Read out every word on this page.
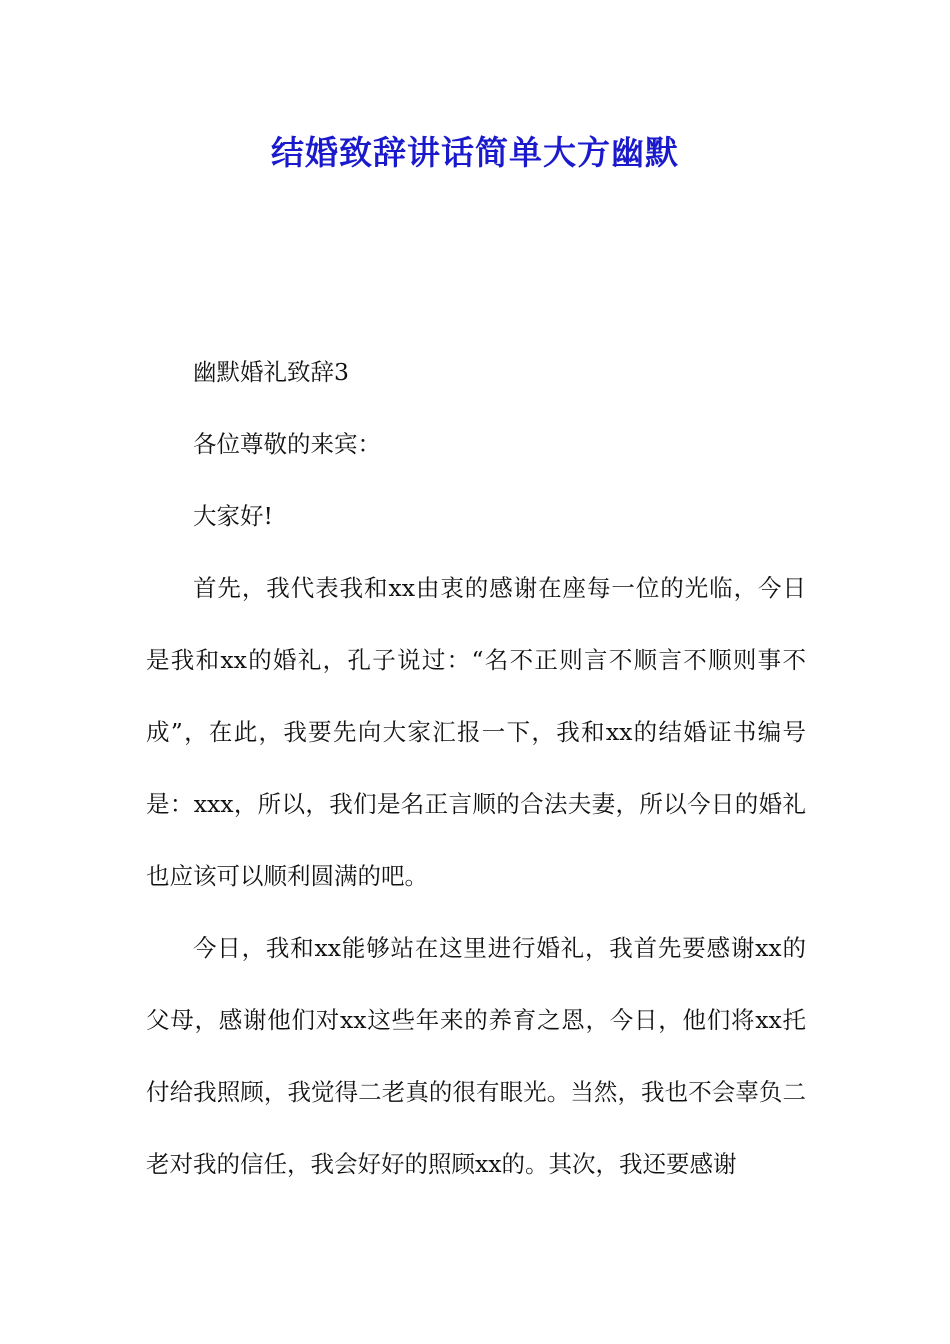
结婚致辞讲话简单大方幽默

幽默婚礼致辞3

各位尊敬的来宾：

大家好!

首先，我代表我和xx由衷的感谢在座每一位的光临，今日是我和xx的婚礼，孔子说过：“名不正则言不顺言不顺则事不成”，在此，我要先向大家汇报一下，我和xx的结婚证书编号是：xxx，所以，我们是名正言顺的合法夫妻，所以今日的婚礼也应该可以顺利圆满的吧。

今日，我和xx能够站在这里进行婚礼，我首先要感谢xx的父母，感谢他们对xx这些年来的养育之恩，今日，他们将xx托付给我照顾，我觉得二老真的很有眼光。当然，我也不会辜负二老对我的信任，我会好好的照顾xx的。其次，我还要感谢
